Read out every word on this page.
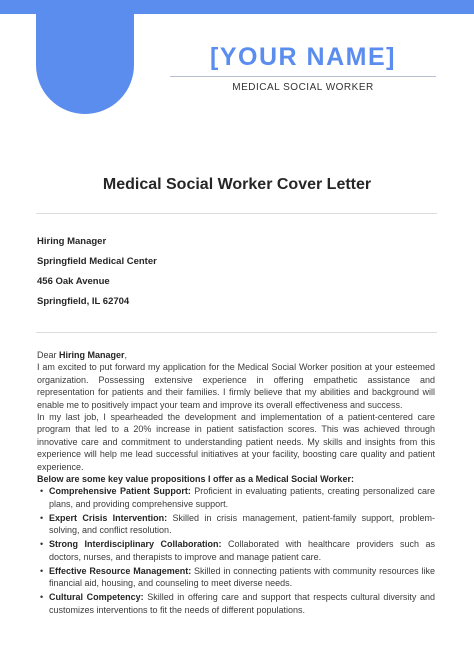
[YOUR NAME]
MEDICAL SOCIAL WORKER
Medical Social Worker Cover Letter
Hiring Manager
Springfield Medical Center
456 Oak Avenue
Springfield, IL 62704

Dear Hiring Manager,

I am excited to put forward my application for the Medical Social Worker position at your esteemed organization. Possessing extensive experience in offering empathetic assistance and representation for patients and their families. I firmly believe that my abilities and background will enable me to positively impact your team and improve its overall effectiveness and success.

In my last job, I spearheaded the development and implementation of a patient-centered care program that led to a 20% increase in patient satisfaction scores. This was achieved through innovative care and commitment to understanding patient needs. My skills and insights from this experience will help me lead successful initiatives at your facility, boosting care quality and patient experience.

Below are some key value propositions I offer as a Medical Social Worker:

• Comprehensive Patient Support: Proficient in evaluating patients, creating personalized care plans, and providing comprehensive support.
• Expert Crisis Intervention: Skilled in crisis management, patient-family support, problem-solving, and conflict resolution.
• Strong Interdisciplinary Collaboration: Collaborated with healthcare providers such as doctors, nurses, and therapists to improve and manage patient care.
• Effective Resource Management: Skilled in connecting patients with community resources like financial aid, housing, and counseling to meet diverse needs.
• Cultural Competency: Skilled in offering care and support that respects cultural diversity and customizes interventions to fit the needs of different populations.
